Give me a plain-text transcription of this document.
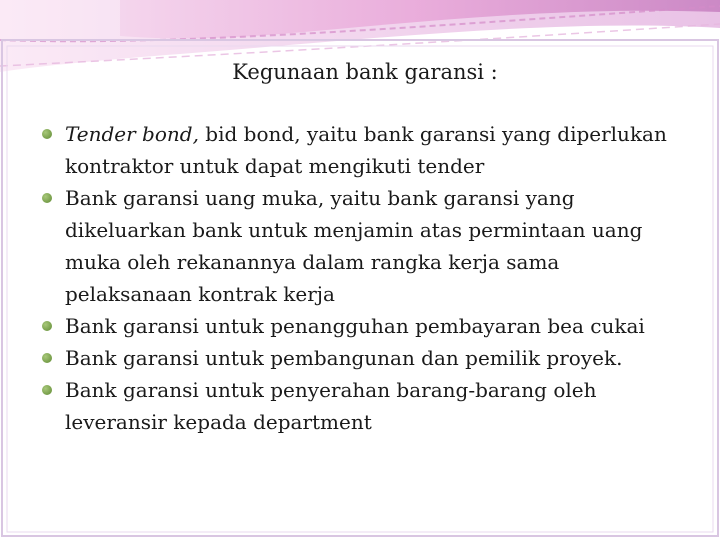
Kegunaan bank garansi :
Tender bond, bid bond, yaitu bank garansi yang diperlukan kontraktor untuk dapat mengikuti tender
Bank garansi uang muka, yaitu bank garansi yang dikeluarkan bank untuk menjamin atas permintaan uang muka oleh rekanannya dalam rangka kerja sama pelaksanaan kontrak kerja
Bank garansi untuk penangguhan pembayaran bea cukai
Bank garansi untuk pembangunan dan pemilik proyek.
Bank garansi untuk penyerahan barang-barang oleh leveransir kepada department
